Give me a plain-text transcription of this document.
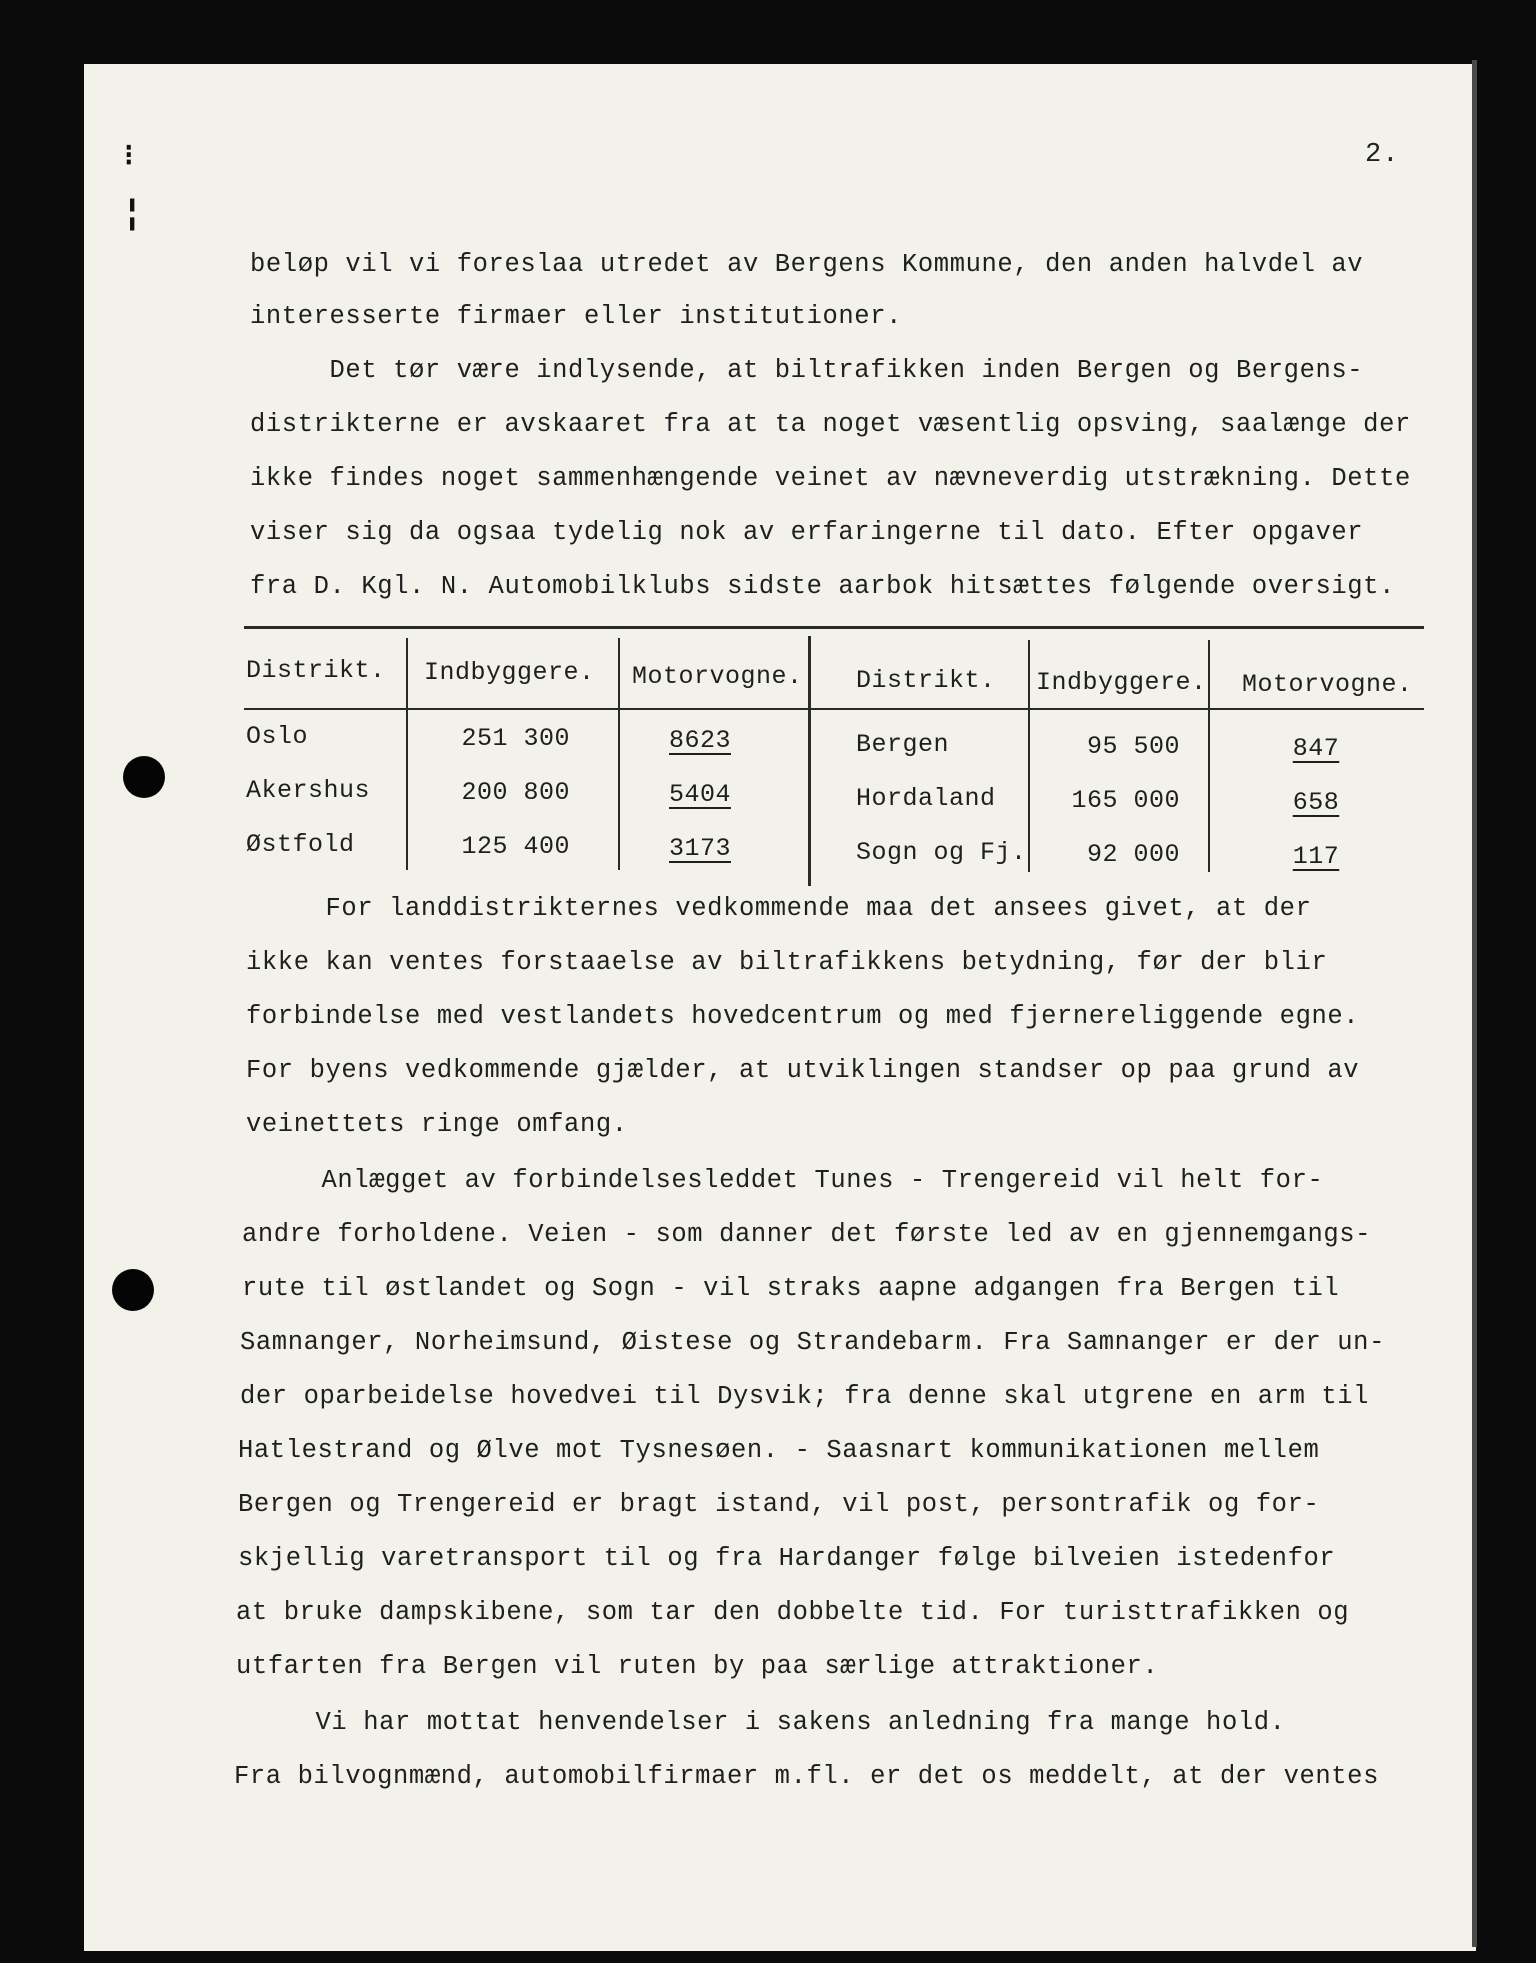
⁝
¦
2.
beløp vil vi foreslaa utredet av Bergens Kommune, den anden halvdel av
interesserte firmaer eller institutioner.
Det tør være indlysende, at biltrafikken inden Bergen og Bergens-
distrikterne er avskaaret fra at ta noget væsentlig opsving, saalænge der
ikke findes noget sammenhængende veinet av nævneverdig utstrækning. Dette
viser sig da ogsaa tydelig nok av erfaringerne til dato. Efter opgaver
fra D. Kgl. N. Automobilklubs sidste aarbok hitsættes følgende oversigt.
Distrikt. Indbyggere. Motorvogne. Distrikt. Indbyggere. Motorvogne.
Oslo	251 300	8623	Bergen	95 500	847
Akershus	200 800	5404	Hordaland	165 000	658
Østfold	125 400	3173	Sogn og Fj.	92 000	117
For landdistrikternes vedkommende maa det ansees givet, at der
ikke kan ventes forstaaelse av biltrafikkens betydning, før der blir
forbindelse med vestlandets hovedcentrum og med fjernereliggende egne.
For byens vedkommende gjælder, at utviklingen standser op paa grund av
veinettets ringe omfang.
Anlægget av forbindelsesleddet Tunes - Trengereid vil helt for-
andre forholdene. Veien - som danner det første led av en gjennemgangs-
rute til østlandet og Sogn - vil straks aapne adgangen fra Bergen til
Samnanger, Norheimsund, Øistese og Strandebarm. Fra Samnanger er der un-
der oparbeidelse hovedvei til Dysvik; fra denne skal utgrene en arm til
Hatlestrand og Ølve mot Tysnesøen. - Saasnart kommunikationen mellem
Bergen og Trengereid er bragt istand, vil post, persontrafik og for-
skjellig varetransport til og fra Hardanger følge bilveien istedenfor
at bruke dampskibene, som tar den dobbelte tid. For turisttrafikken og
utfarten fra Bergen vil ruten by paa særlige attraktioner.
Vi har mottat henvendelser i sakens anledning fra mange hold.
Fra bilvognmænd, automobilfirmaer m.fl. er det os meddelt, at der ventes
